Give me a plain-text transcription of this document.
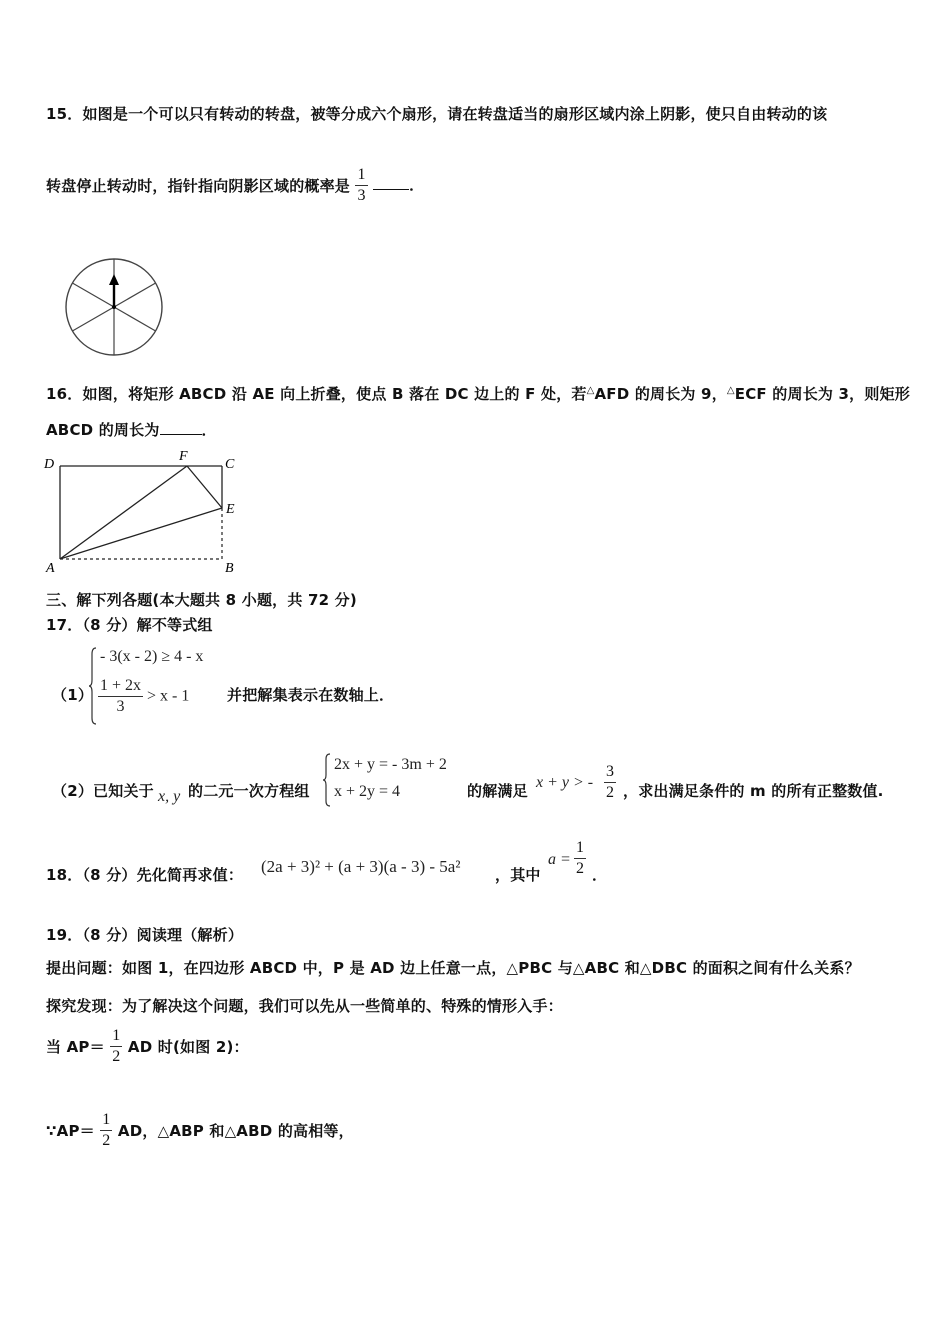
15．如图是一个可以只有转动的转盘，被等分成六个扇形，请在转盘适当的扇形区域内涂上阴影，使只自由转动的该
转盘停止转动时，指针指向阴影区域的概率是 $\frac{1}{3}$	．
16．如图，将矩形 ABCD 沿 AE 向上折叠，使点 B 落在 DC 边上的 F 处，若△AFD 的周长为 9，△ECF 的周长为 3，则矩形
ABCD 的周长为	．
D
F
C
E
A	B
三、解下列各题(本大题共 8 小题，共 72 分)
17．（8 分）解不等式组
（1）
- 3(x - 2) ≥ 4 - x
$\frac{1 + 2x}{3} > x - 1$	并把解集表示在数轴上．
（2）已知关于 x, y 的二元一次方程组
2x + y = - 3m + 2
x + 2y = 4	的解满足 x + y > - $\frac{3}{2}$ ，求出满足条件的 m 的所有正整数值.
18．（8 分）先化简再求值： (2a + 3)² + (a + 3)(a - 3) - 5a² ，其中
$a = \frac{1}{2}$ ．
19．（8 分）阅读理（解析）
提出问题：如图 1，在四边形 ABCD 中，P 是 AD 边上任意一点，△PBC 与△ABC 和△DBC 的面积之间有什么关系？
探究发现：为了解决这个问题，我们可以先从一些简单的、特殊的情形入手：
当 $AP= \frac{1}{2}$ AD 时(如图 2)：
∵AP＝ $\frac{1}{2}$ AD，△ABP 和△ABD 的高相等，
